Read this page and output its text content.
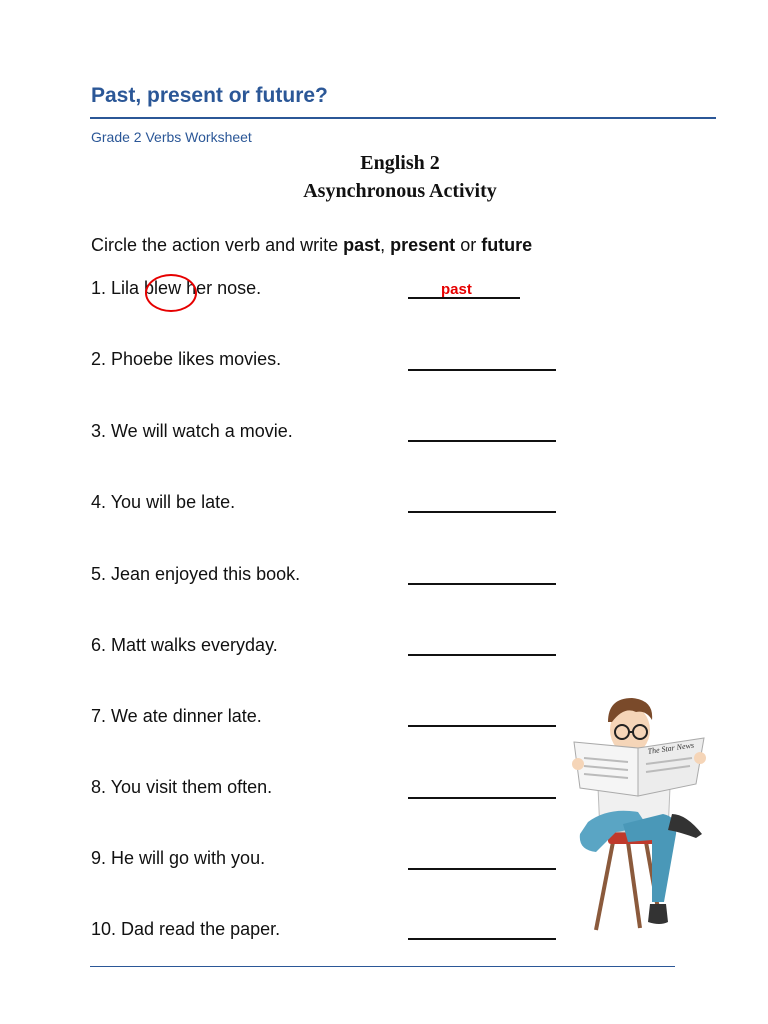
Past, present or future?
Grade 2 Verbs Worksheet
English 2
Asynchronous Activity
Circle the action verb and write past, present or future
1. Lila blew her nose.	past
2. Phoebe likes movies.
3. We will watch a movie.
4. You will be late.
5. Jean enjoyed this book.
6. Matt walks everyday.
7. We ate dinner late.
8. You visit them often.
9. He will go with you.
10. Dad read the paper.
The Star News
